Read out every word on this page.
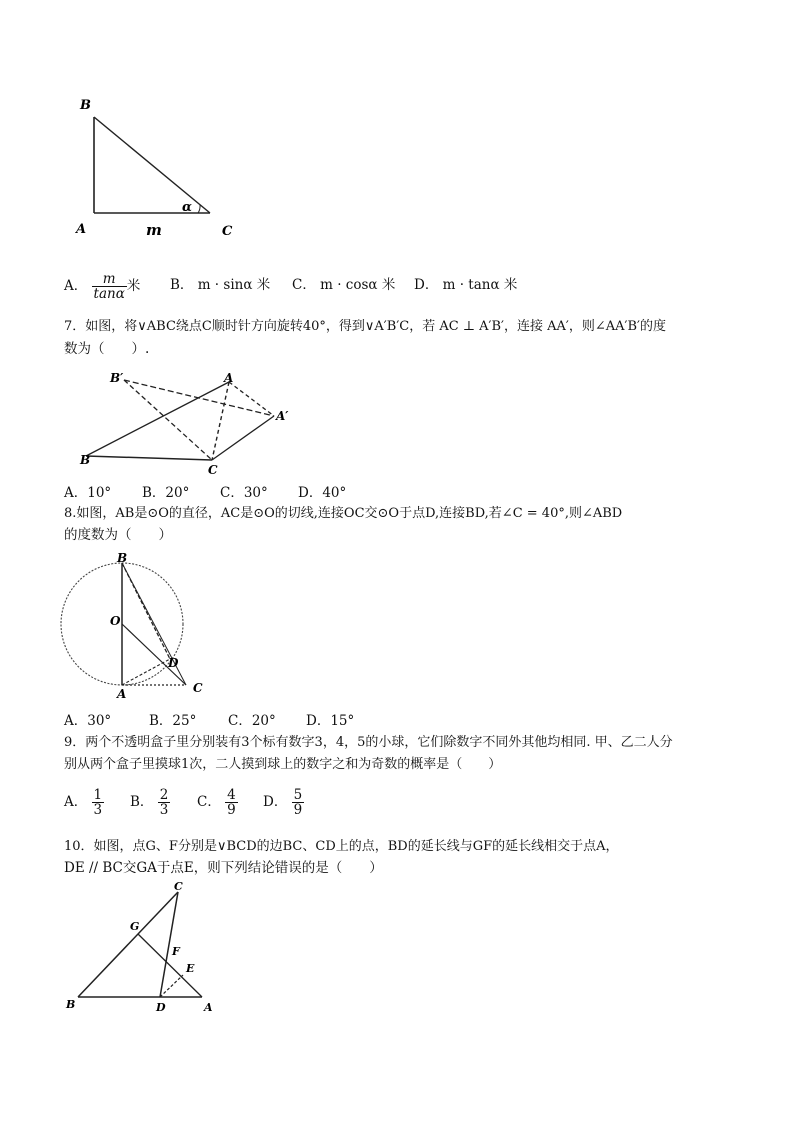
B
A	C
α
m
A． $\frac{m}{\tan\alpha}$ 米 B． m · sinα 米 C． m · cosα 米 D． m · tanα 米
7．如图，将∨ABC绕点C顺时针方向旋转40°，得到∨A′B′C，若 AC ⊥ A′B′，连接 AA′，则∠AA′B′的度
数为（　　）.
B′	A
A′
B
C
A．10° B．20° C．30° D．40°
8.如图，AB是⊙O的直径，AC是⊙O的切线,连接OC交⊙O于点D,连接BD,若∠C = 40°,则∠ABD
的度数为（　　）
B
O
D
A	C
A．30°	B．25° C．20° D．15°
9．两个不透明盒子里分别装有3个标有数字3，4，5的小球，它们除数字不同外其他均相同. 甲、乙二人分
别从两个盒子里摸球1次，二人摸到球上的数字之和为奇数的概率是（　　）
A． $\frac{1}{3}$ B． $\frac{2}{3}$ C． $\frac{4}{9}$ D． $\frac{5}{9}$
10．如图，点G、F分别是∨BCD的边BC、CD上的点，BD的延长线与GF的延长线相交于点A，
DE // BC交GA于点E，则下列结论错误的是（　　）
C
G
F
E
B	D	A
